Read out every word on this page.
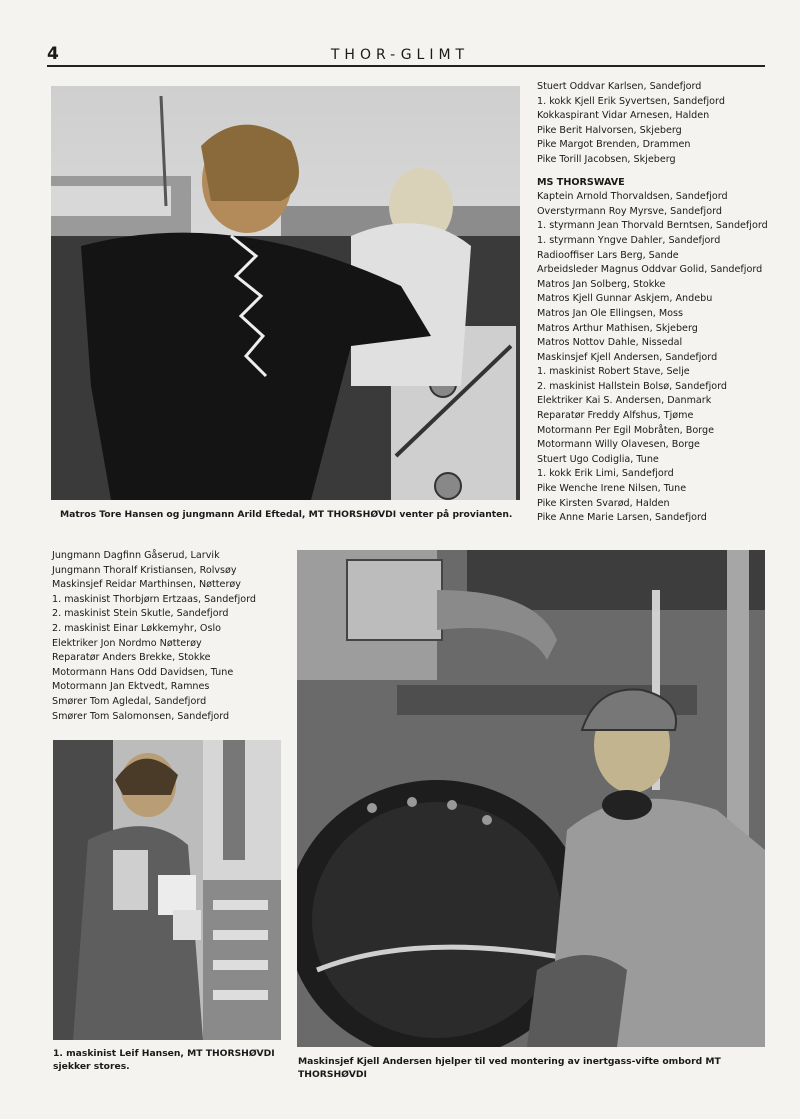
4	THOR-GLIMT
Matros Tore Hansen og jungmann Arild Eftedal, MT THORSHØVDI venter på provianten.
Stuert Oddvar Karlsen, Sandefjord
1. kokk Kjell Erik Syvertsen, Sandefjord
Kokkaspirant Vidar Arnesen, Halden
Pike Berit Halvorsen, Skjeberg
Pike Margot Brenden, Drammen
Pike Torill Jacobsen, Skjeberg
MS THORSWAVE
Kaptein Arnold Thorvaldsen, Sandefjord
Overstyrmann Roy Myrsve, Sandefjord
1. styrmann Jean Thorvald Berntsen, Sandefjord
1. styrmann Yngve Dahler, Sandefjord
Radiooffiser Lars Berg, Sande
Arbeidsleder Magnus Oddvar Golid, Sandefjord
Matros Jan Solberg, Stokke
Matros Kjell Gunnar Askjem, Andebu
Matros Jan Ole Ellingsen, Moss
Matros Arthur Mathisen, Skjeberg
Matros Nottov Dahle, Nissedal
Maskinsjef Kjell Andersen, Sandefjord
1. maskinist Robert Stave, Selje
2. maskinist Hallstein Bolsø, Sandefjord
Elektriker Kai S. Andersen, Danmark
Reparatør Freddy Alfshus, Tjøme
Motormann Per Egil Mobråten, Borge
Motormann Willy Olavesen, Borge
Stuert Ugo Codiglia, Tune
1. kokk Erik Limi, Sandefjord
Pike Wenche Irene Nilsen, Tune
Pike Kirsten Svarød, Halden
Pike Anne Marie Larsen, Sandefjord
Jungmann Dagfinn Gåserud, Larvik
Jungmann Thoralf Kristiansen, Rolvsøy
Maskinsjef Reidar Marthinsen, Nøtterøy
1. maskinist Thorbjørn Ertzaas, Sandefjord
2. maskinist Stein Skutle, Sandefjord
2. maskinist Einar Løkkemyhr, Oslo
Elektriker Jon Nordmo Nøtterøy
Reparatør Anders Brekke, Stokke
Motormann Hans Odd Davidsen, Tune
Motormann Jan Ektvedt, Ramnes
Smører Tom Agledal, Sandefjord
Smører Tom Salomonsen, Sandefjord
Maskinsjef Kjell Andersen hjelper til ved montering av inertgass-vifte ombord MT THORSHØVDI
1. maskinist Leif Hansen, MT THORSHØVDI sjekker stores.
